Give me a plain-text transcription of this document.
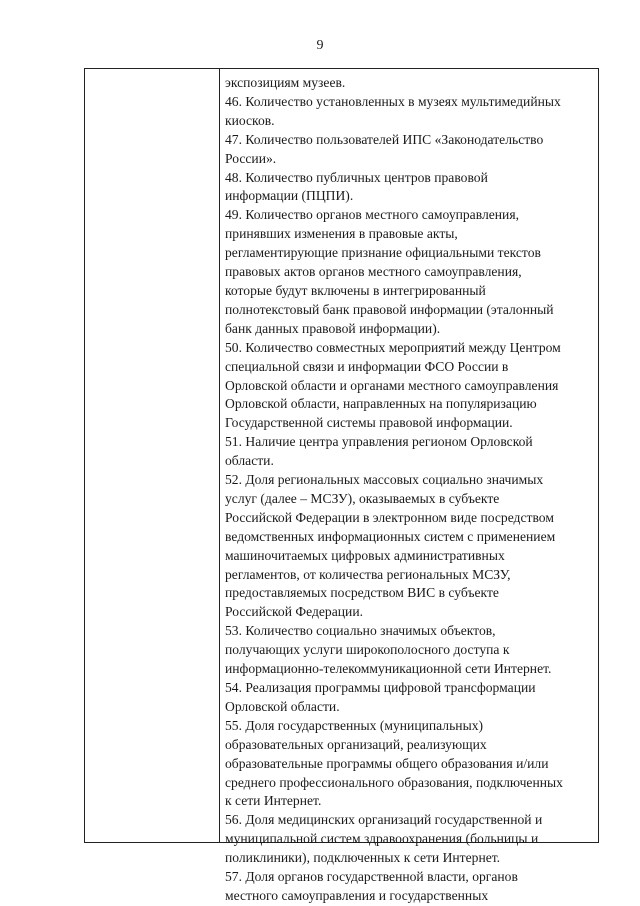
9
экспозициям музеев.
46. Количество установленных в музеях мультимедийных
киосков.
47. Количество пользователей ИПС «Законодательство
России».
48. Количество публичных центров правовой
информации (ПЦПИ).
49. Количество органов местного самоуправления,
принявших изменения в правовые акты,
регламентирующие признание официальными текстов
правовых актов органов местного самоуправления,
которые будут включены в интегрированный
полнотекстовый банк правовой информации (эталонный
банк данных правовой информации).
50. Количество совместных мероприятий между Центром
специальной связи и информации ФСО России в
Орловской области и органами местного самоуправления
Орловской области, направленных на популяризацию
Государственной системы правовой информации.
51. Наличие центра управления регионом Орловской
области.
52. Доля региональных массовых социально значимых
услуг (далее – МСЗУ), оказываемых в субъекте
Российской Федерации в электронном виде посредством
ведомственных информационных систем с применением
машиночитаемых цифровых административных
регламентов, от количества региональных МСЗУ,
предоставляемых посредством ВИС в субъекте
Российской Федерации.
53. Количество социально значимых объектов,
получающих услуги широкополосного доступа к
информационно-телекоммуникационной сети Интернет.
54. Реализация программы цифровой трансформации
Орловской области.
55. Доля государственных (муниципальных)
образовательных организаций, реализующих
образовательные программы общего образования и/или
среднего профессионального образования, подключенных
к сети Интернет.
56. Доля медицинских организаций государственной и
муниципальной систем здравоохранения (больницы и
поликлиники), подключенных к сети Интернет.
57. Доля органов государственной власти, органов
местного самоуправления и государственных
